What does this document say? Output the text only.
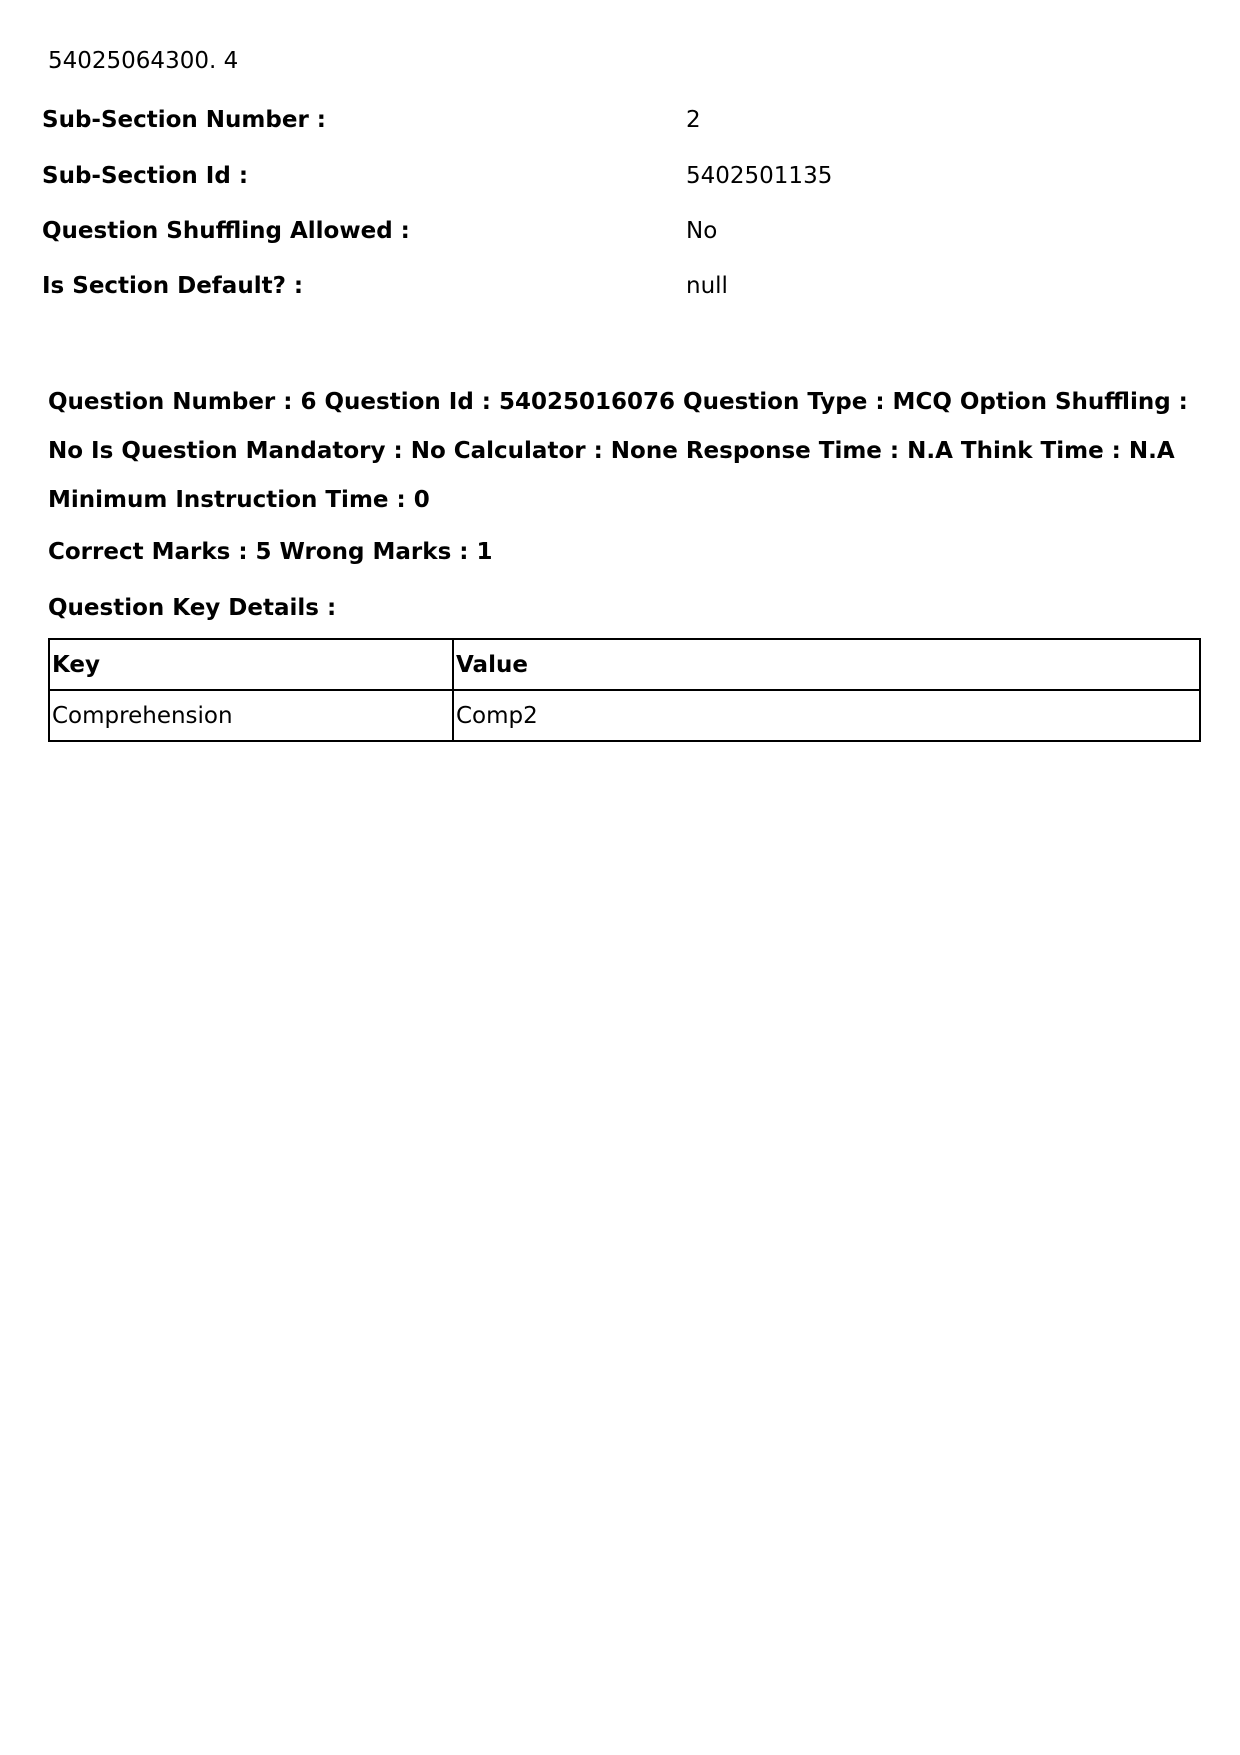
54025064300. 4
Sub-Section Number :	2
Sub-Section Id :	5402501135
Question Shuffling Allowed :	No
Is Section Default? :	null
Question Number : 6 Question Id : 54025016076 Question Type : MCQ Option Shuffling : No Is Question Mandatory : No Calculator : None Response Time : N.A Think Time : N.A Minimum Instruction Time : 0
Correct Marks : 5 Wrong Marks : 1
Question Key Details :
Key	Value
Comprehension	Comp2
